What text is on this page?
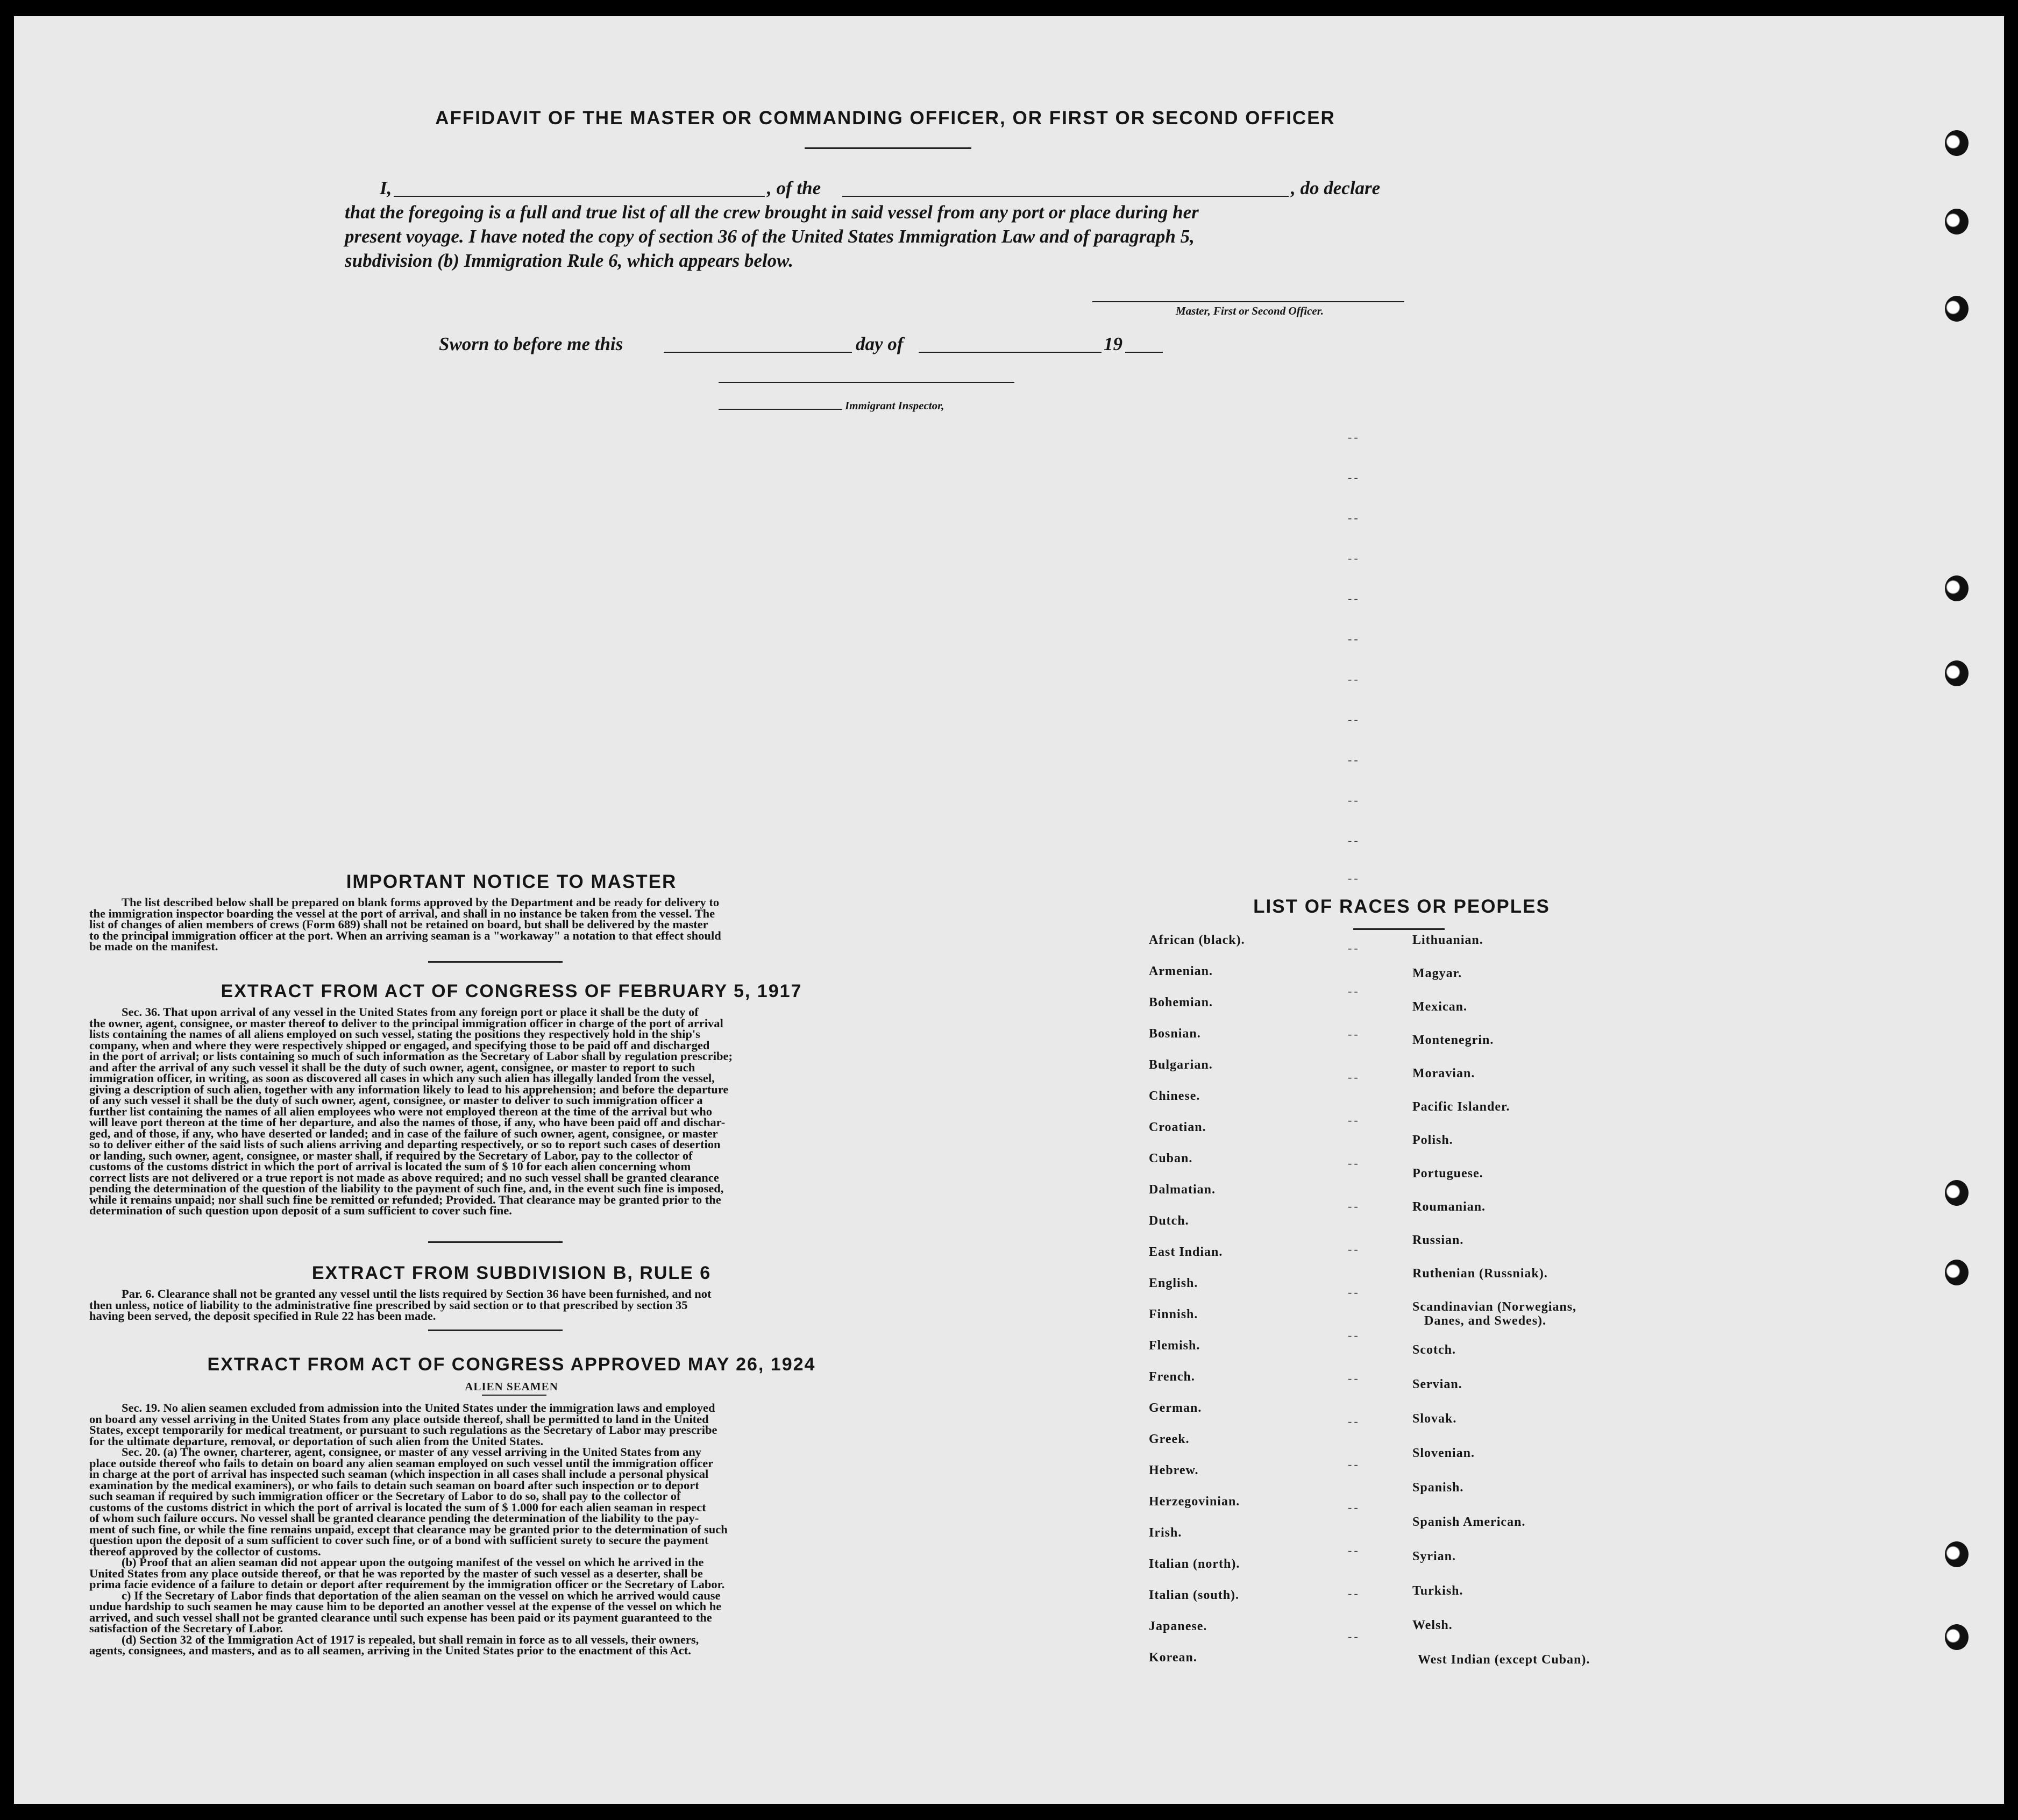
AFFIDAVIT OF THE MASTER OR COMMANDING OFFICER, OR FIRST OR SECOND OFFICER
I,	, of the	, do declare
that the foregoing is a full and true list of all the crew brought in said vessel from any port or place during her
present voyage. I have noted the copy of section 36 of the United States Immigration Law and of paragraph 5,
subdivision (b) Immigration Rule 6, which appears below.
Master, First or Second Officer.
Sworn to before me this	day of	19
Immigrant Inspector,
IMPORTANT NOTICE TO MASTER
The list described below shall be prepared on blank forms approved by the Department and be ready for delivery to
the immigration inspector boarding the vessel at the port of arrival, and shall in no instance be taken from the vessel. The
list of changes of alien members of crews (Form 689) shall not be retained on board, but shall be delivered by the master
to the principal immigration officer at the port. When an arriving seaman is a "workaway" a notation to that effect should
be made on the manifest.
EXTRACT FROM ACT OF CONGRESS OF FEBRUARY 5, 1917
Sec. 36. That upon arrival of any vessel in the United States from any foreign port or place it shall be the duty of
the owner, agent, consignee, or master thereof to deliver to the principal immigration officer in charge of the port of arrival
lists containing the names of all aliens employed on such vessel, stating the positions they respectively hold in the ship's
company, when and where they were respectively shipped or engaged, and specifying those to be paid off and discharged
in the port of arrival; or lists containing so much of such information as the Secretary of Labor shall by regulation prescribe;
and after the arrival of any such vessel it shall be the duty of such owner, agent, consignee, or master to report to such
immigration officer, in writing, as soon as discovered all cases in which any such alien has illegally landed from the vessel,
giving a description of such alien, together with any information likely to lead to his apprehension; and before the departure
of any such vessel it shall be the duty of such owner, agent, consignee, or master to deliver to such immigration officer a
further list containing the names of all alien employees who were not employed thereon at the time of the arrival but who
will leave port thereon at the time of her departure, and also the names of those, if any, who have been paid off and dischar-
ged, and of those, if any, who have deserted or landed; and in case of the failure of such owner, agent, consignee, or master
so to deliver either of the said lists of such aliens arriving and departing respectively, or so to report such cases of desertion
or landing, such owner, agent, consignee, or master shall, if required by the Secretary of Labor, pay to the collector of
customs of the customs district in which the port of arrival is located the sum of $ 10 for each alien concerning whom
correct lists are not delivered or a true report is not made as above required; and no such vessel shall be granted clearance
pending the determination of the question of the liability to the payment of such fine, and, in the event such fine is imposed,
while it remains unpaid; nor shall such fine be remitted or refunded; Provided. That clearance may be granted prior to the
determination of such question upon deposit of a sum sufficient to cover such fine.
EXTRACT FROM SUBDIVISION B, RULE 6
Par. 6. Clearance shall not be granted any vessel until the lists required by Section 36 have been furnished, and not
then unless, notice of liability to the administrative fine prescribed by said section or to that prescribed by section 35
having been served, the deposit specified in Rule 22 has been made.
EXTRACT FROM ACT OF CONGRESS APPROVED MAY 26, 1924
ALIEN SEAMEN
Sec. 19. No alien seamen excluded from admission into the United States under the immigration laws and employed
on board any vessel arriving in the United States from any place outside thereof, shall be permitted to land in the United
States, except temporarily for medical treatment, or pursuant to such regulations as the Secretary of Labor may prescribe
for the ultimate departure, removal, or deportation of such alien from the United States.
Sec. 20. (a) The owner, charterer, agent, consignee, or master of any vessel arriving in the United States from any
place outside thereof who fails to detain on board any alien seaman employed on such vessel until the immigration officer
in charge at the port of arrival has inspected such seaman (which inspection in all cases shall include a personal physical
examination by the medical examiners), or who fails to detain such seaman on board after such inspection or to deport
such seaman if required by such immigration officer or the Secretary of Labor to do so, shall pay to the collector of
customs of the customs district in which the port of arrival is located the sum of $ 1.000 for each alien seaman in respect
of whom such failure occurs. No vessel shall be granted clearance pending the determination of the liability to the pay-
ment of such fine, or while the fine remains unpaid, except that clearance may be granted prior to the determination of such
question upon the deposit of a sum sufficient to cover such fine, or of a bond with sufficient surety to secure the payment
thereof approved by the collector of customs.
(b) Proof that an alien seaman did not appear upon the outgoing manifest of the vessel on which he arrived in the
United States from any place outside thereof, or that he was reported by the master of such vessel as a deserter, shall be
prima facie evidence of a failure to detain or deport after requirement by the immigration officer or the Secretary of Labor.
c) If the Secretary of Labor finds that deportation of the alien seaman on the vessel on which he arrived would cause
undue hardship to such seamen he may cause him to be deported an another vessel at the expense of the vessel on which he
arrived, and such vessel shall not be granted clearance until such expense has been paid or its payment guaranteed to the
satisfaction of the Secretary of Labor.
(d) Section 32 of the Immigration Act of 1917 is repealed, but shall remain in force as to all vessels, their owners,
agents, consignees, and masters, and as to all seamen, arriving in the United States prior to the enactment of this Act.
LIST OF RACES OR PEOPLES
African (black).
Armenian.
Bohemian.
Bosnian.
Bulgarian.
Chinese.
Croatian.
Cuban.
Dalmatian.
Dutch.
East Indian.
English.
Finnish.
Flemish.
French.
German.
Greek.
Hebrew.
Herzegovinian.
Irish.
Italian (north).
Italian (south).
Japanese.
Korean.
Lithuanian.
Magyar.
Mexican.
Montenegrin.
Moravian.
Pacific Islander.
Polish.
Portuguese.
Roumanian.
Russian.
Ruthenian (Russniak).
Scandinavian (Norwegians,
Danes, and Swedes).
Scotch.
Servian.
Slovak.
Slovenian.
Spanish.
Spanish American.
Syrian.
Turkish.
Welsh.
West Indian (except Cuban).
--
--
--
--
--
--
--
--
--
--
--
--
--
--
--
--
--
--
--
--
--
--
--
--
--
--
--
--
--
